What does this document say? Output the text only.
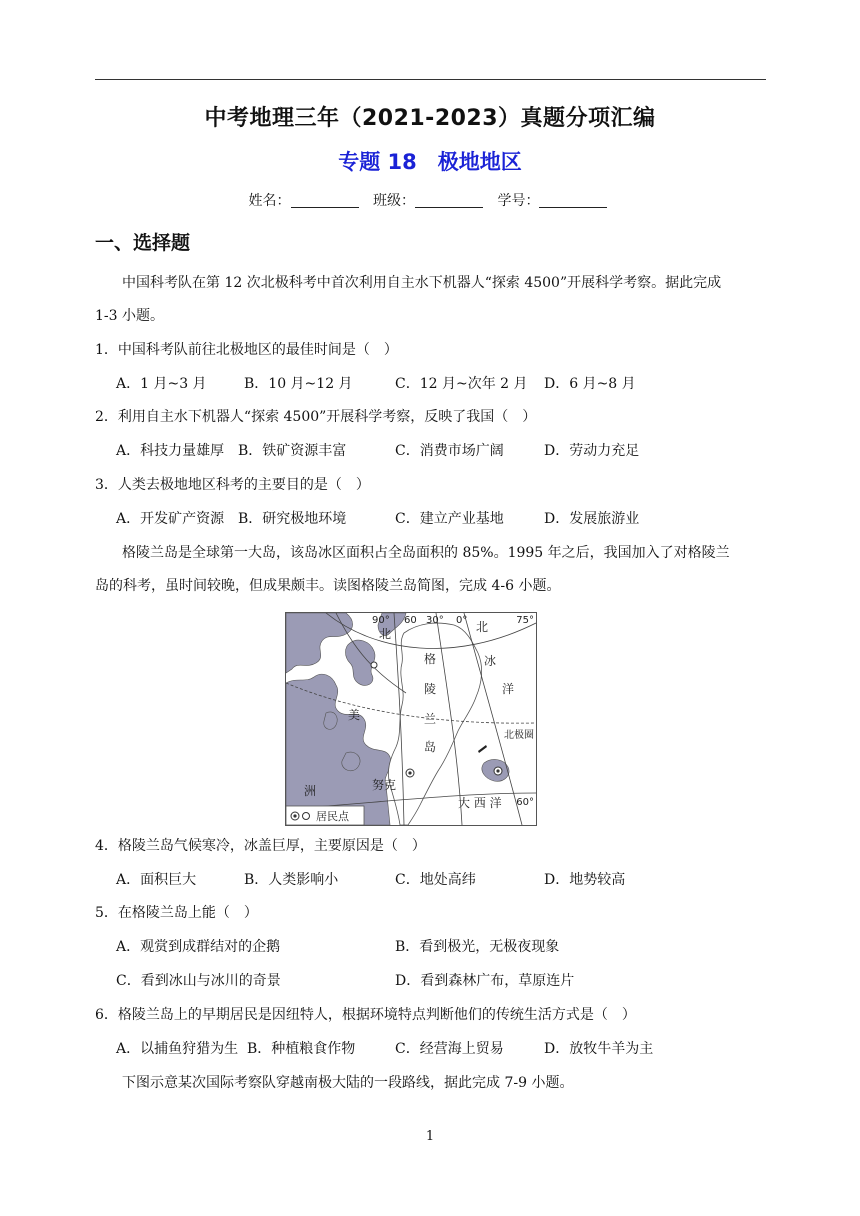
中考地理三年（2021-2023）真题分项汇编
专题 18　极地地区
姓名：	班级：	学号：
一、选择题
中国科考队在第 12 次北极科考中首次利用自主水下机器人“探索 4500”开展科学考察。据此完成
1-3 小题。
1．中国科考队前往北极地区的最佳时间是（　）
A．1 月~3 月	B．10 月~12 月	C．12 月~次年 2 月 D．6 月~8 月
2．利用自主水下机器人“探索 4500”开展科学考察，反映了我国（　）
A．科技力量雄厚 B．铁矿资源丰富	C．消费市场广阔	D．劳动力充足
3．人类去极地地区科考的主要目的是（　）
A．开发矿产资源 B．研究极地环境	C．建立产业基地	D．发展旅游业
格陵兰岛是全球第一大岛，该岛冰区面积占全岛面积的 85%。1995 年之后，我国加入了对格陵兰
岛的科考，虽时间较晚，但成果颇丰。读图格陵兰岛简图，完成 4-6 小题。
北	北
冰
洋
格
陵
兰
岛
美
洲	努克
大 西 洋
北极圈
75°
60°
90° 60 30° 0°
居民点
4．格陵兰岛气候寒冷，冰盖巨厚，主要原因是（　）
A．面积巨大	B．人类影响小	C．地处高纬	D．地势较高
5．在格陵兰岛上能（　）
A．观赏到成群结对的企鹅	B．看到极光，无极夜现象
C．看到冰山与冰川的奇景	D．看到森林广布，草原连片
6．格陵兰岛上的早期居民是因纽特人，根据环境特点判断他们的传统生活方式是（　）
A．以捕鱼狩猎为生 B．种植粮食作物	C．经营海上贸易	D．放牧牛羊为主
下图示意某次国际考察队穿越南极大陆的一段路线，据此完成 7-9 小题。
1
